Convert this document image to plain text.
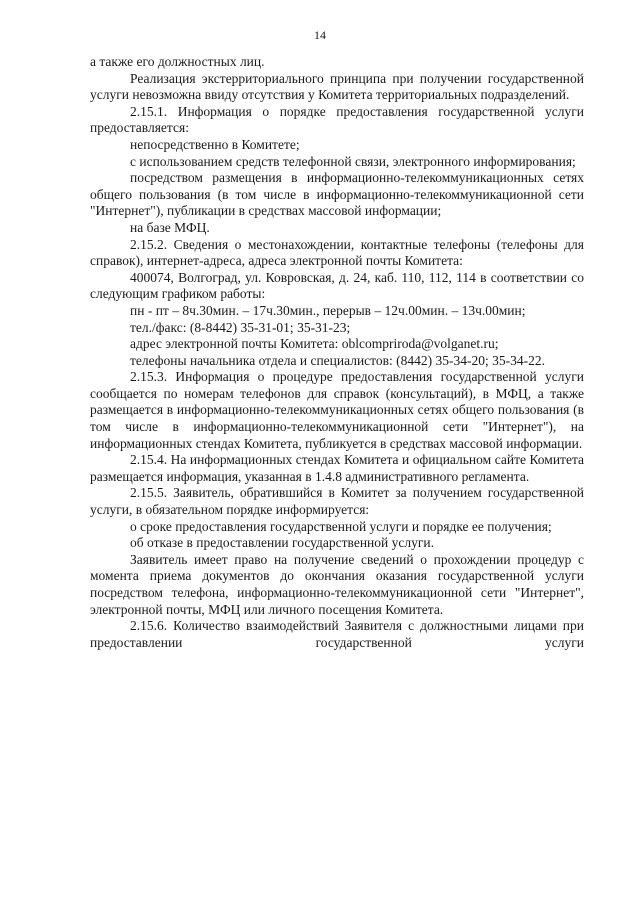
14

а также его должностных лиц.

Реализация экстерриториального принципа при получении государственной услуги невозможна ввиду отсутствия у Комитета территориальных подразделений.

2.15.1. Информация о порядке предоставления государственной услуги предоставляется:

непосредственно в Комитете;

с использованием средств телефонной связи, электронного информирования;

посредством размещения в информационно-телекоммуникационных сетях общего пользования (в том числе в информационно-телекоммуникационной сети "Интернет"), публикации в средствах массовой информации;

на базе МФЦ.

2.15.2. Сведения о местонахождении, контактные телефоны (телефоны для справок), интернет-адреса, адреса электронной почты Комитета:

400074, Волгоград, ул. Ковровская, д. 24, каб. 110, 112, 114 в соответствии со следующим графиком работы:

пн - пт – 8ч.30мин. – 17ч.30мин., перерыв – 12ч.00мин. – 13ч.00мин;

тел./факс: (8-8442) 35-31-01; 35-31-23;

адрес электронной почты Комитета: oblcompriroda@volganet.ru;

телефоны начальника отдела и специалистов: (8442) 35-34-20; 35-34-22.

2.15.3. Информация о процедуре предоставления государственной услуги сообщается по номерам телефонов для справок (консультаций), в МФЦ, а также размещается в информационно-телекоммуникационных сетях общего пользования (в том числе в информационно-телекоммуникационной сети "Интернет"), на информационных стендах Комитета, публикуется в средствах массовой информации.

2.15.4. На информационных стендах Комитета и официальном сайте Комитета размещается информация, указанная в 1.4.8 административного регламента.

2.15.5. Заявитель, обратившийся в Комитет за получением государственной услуги, в обязательном порядке информируется:

о сроке предоставления государственной услуги и порядке ее получения;

об отказе в предоставлении государственной услуги.

Заявитель имеет право на получение сведений о прохождении процедур с момента приема документов до окончания оказания государственной услуги посредством телефона, информационно-телекоммуникационной сети "Интернет", электронной почты, МФЦ или личного посещения Комитета.

2.15.6. Количество взаимодействий Заявителя с должностными лицами при предоставлении государственной услуги
